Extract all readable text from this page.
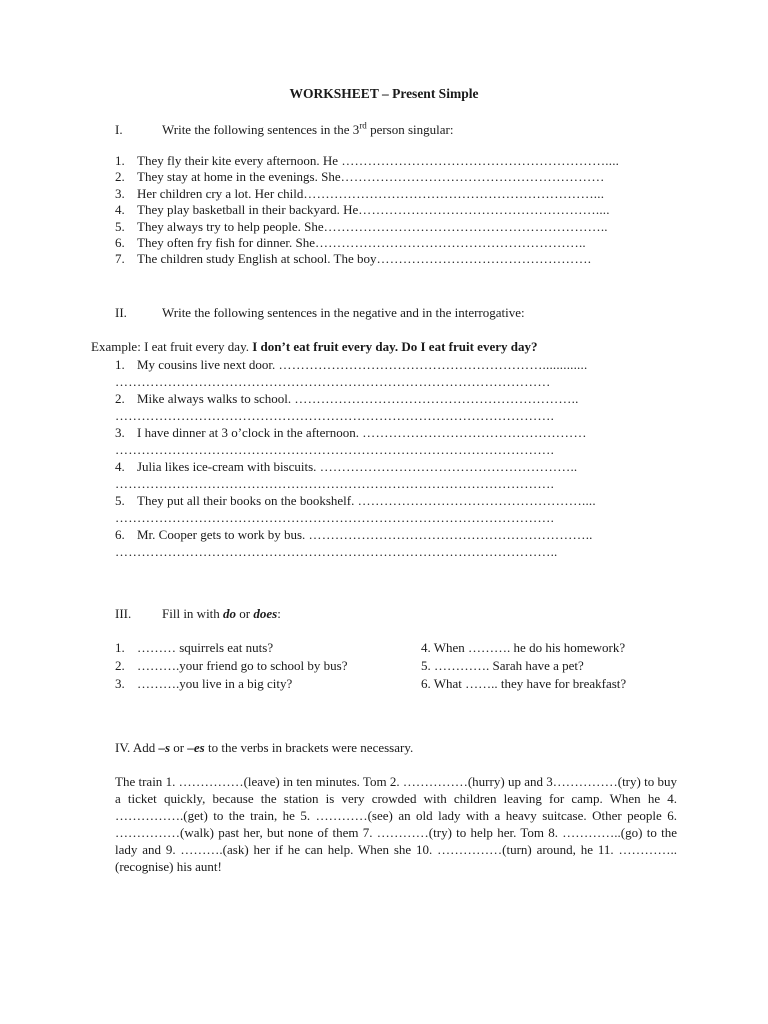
WORKSHEET – Present Simple
I.	Write the following sentences in the 3rd person singular:
1. They fly their kite every afternoon. He ……………………………………………………....
2. They stay at home in the evenings. She……………………………………………………
3. Her children cry a lot. Her child…………………………………………………………...
4. They play basketball in their backyard. He………………………………………………....
5. They always try to help people. She………………………………………………………..
6. They often fry fish for dinner. She……………………………………………………..
7. The children study English at school. The boy………………………………………….
II.	Write the following sentences in the negative and in the interrogative:
Example: I eat fruit every day. I don’t eat fruit every day. Do I eat fruit every day?
1. My cousins live next door. …………………………………………………….............
………………………………………………………………………………………
2. Mike always walks to school. ………………………………………………………..
……………………………………………………………………………………….
3. I have dinner at 3 o’clock in the afternoon. ……………………………………………
……………………………………………………………………………………….
4. Julia likes ice-cream with biscuits. …………………………………………………..
……………………………………………………………………………………….
5. They put all their books on the bookshelf. ……………………………………………....
……………………………………………………………………………………….
6. Mr. Cooper gets to work by bus. ………………………………………………………..
………………………………………………………………………………………..
III. Fill in with do or does:
1. ……… squirrels eat nuts?
2. ……….your friend go to school by bus?
3. ……….you live in a big city?
4. When ………. he do his homework?
5. …………. Sarah have a pet?
6. What …….. they have for breakfast?
IV. Add –s or –es to the verbs in brackets were necessary.
The train 1. ……………(leave) in ten minutes. Tom 2. ……………(hurry) up and 3……………(try) to buy a ticket quickly, because the station is very crowded with children leaving for camp. When he 4. …………….(get) to the train, he 5. …………(see) an old lady with a heavy suitcase. Other people 6. ……………(walk) past her, but none of them 7. …………(try) to help her. Tom 8. …………..(go) to the lady and 9. ……….(ask) her if he can help. When she 10. ……………(turn) around, he 11. …………..(recognise) his aunt!
